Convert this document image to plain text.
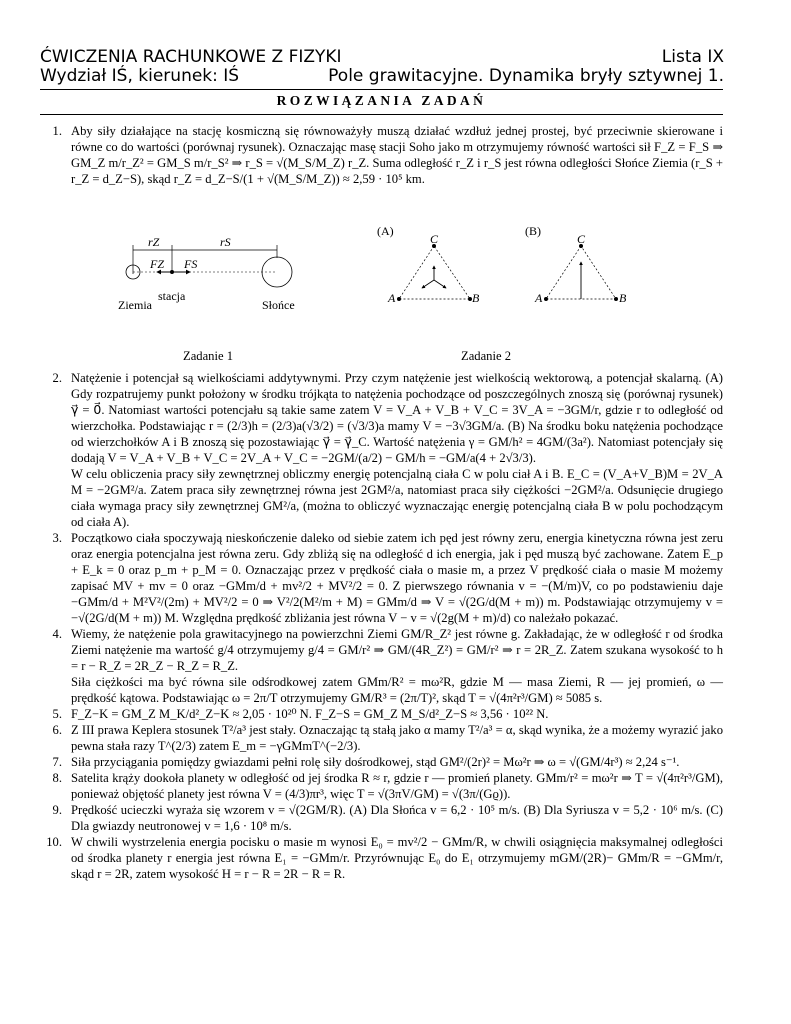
ĆWICZENIA RACHUNKOWE Z FIZYKI	Lista IX
Wydział IŚ, kierunek: IŚ	Pole grawitacyjne. Dynamika bryły sztywnej 1.
ROZWIĄZANIA ZADAŃ
1. Aby siły działające na stację kosmiczną się równoważyły muszą działać wzdłuż jednej prostej, być przeciwnie skierowane i równe co do wartości (porównaj rysunek). Oznaczając masę stacji Soho jako m otrzymujemy równość wartości sił F_Z = F_S ⇒ GM_Z m/r_Z² = GM_S m/r_S² ⇒ r_S = √(M_S/M_Z) r_Z. Suma odległość r_Z i r_S jest równa odległości Słońce Ziemia (r_S + r_Z = d_Z−S), skąd r_Z = d_Z−S/(1 + √(M_S/M_Z)) ≈ 2,59 · 10⁵ km.

rZ	rS
FZ FS
Ziemia
stacja
Słońce
Zadanie 1
(A)
C
A	B
(B)
C
A	B
Zadanie 2
2. Natężenie i potencjał są wielkościami addytywnymi. Przy czym natężenie jest wielkością wektorową, a potencjał skalarną. (A) Gdy rozpatrujemy punkt położony w środku trójkąta to natężenia pochodzące od poszczególnych znoszą się (porównaj rysunek) γ⃗ = 0⃗. Natomiast wartości potencjału są takie same zatem V = V_A + V_B + V_C = 3V_A = −3GM/r, gdzie r to odległość od wierzchołka. Podstawiając r = (2/3)h = (2/3)a(√3/2) = (√3/3)a mamy V = −3√3GM/a. (B) Na środku boku natężenia pochodzące od wierzchołków A i B znoszą się pozostawiając γ⃗ = γ⃗_C. Wartość natężenia γ = GM/h² = 4GM/(3a²). Natomiast potencjały się dodają V = V_A + V_B + V_C = 2V_A + V_C = −2GM/(a/2) − GM/h = −GM/a(4 + 2√3/3).

W celu obliczenia pracy siły zewnętrznej obliczmy energię potencjalną ciała C w polu ciał A i B. E_C = (V_A+V_B)M = 2V_A M = −2GM²/a. Zatem praca siły zewnętrznej równa jest 2GM²/a, natomiast praca siły ciężkości −2GM²/a. Odsunięcie drugiego ciała wymaga pracy siły zewnętrznej GM²/a, (można to obliczyć wyznaczając energię potencjalną ciała B w polu pochodzącym od ciała A).

3. Początkowo ciała spoczywają nieskończenie daleko od siebie zatem ich pęd jest równy zeru, energia kinetyczna równa jest zeru oraz energia potencjalna jest równa zeru. Gdy zbliżą się na odległość d ich energia, jak i pęd muszą być zachowane. Zatem E_p + E_k = 0 oraz p_m + p_M = 0. Oznaczając przez v prędkość ciała o masie m, a przez V prędkość ciała o masie M możemy zapisać MV + mv = 0 oraz −GMm/d + mv²/2 + MV²/2 = 0. Z pierwszego równania v = −(M/m)V, co po podstawieniu daje −GMm/d + M²V²/(2m) + MV²/2 = 0 ⇒ V²/2(M²/m + M) = GMm/d ⇒ V = √(2G/d(M + m)) m. Podstawiając otrzymujemy v = −√(2G/d(M + m)) M. Względna prędkość zbliżania jest równa V − v = √(2g(M + m)/d) co należało pokazać.

4. Wiemy, że natężenie pola grawitacyjnego na powierzchni Ziemi GM/R_Z² jest równe g. Zakładając, że w odległość r od środka Ziemi natężenie ma wartość g/4 otrzymujemy g/4 = GM/r² ⇒ GM/(4R_Z²) = GM/r² ⇒ r = 2R_Z. Zatem szukana wysokość to h = r − R_Z = 2R_Z − R_Z = R_Z.

Siła ciężkości ma być równa sile odśrodkowej zatem GMm/R² = mω²R, gdzie M — masa Ziemi, R — jej promień, ω — prędkość kątowa. Podstawiając ω = 2π/T otrzymujemy GM/R³ = (2π/T)², skąd T = √(4π²r³/GM) ≈ 5085 s.

5. F_Z−K = GM_Z M_K/d²_Z−K ≈ 2,05 · 10²⁰ N. F_Z−S = GM_Z M_S/d²_Z−S ≈ 3,56 · 10²² N.

6. Z III prawa Keplera stosunek T²/a³ jest stały. Oznaczając tą stałą jako α mamy T²/a³ = α, skąd wynika, że a możemy wyrazić jako pewna stała razy T^(2/3) zatem E_m = −γGMmT^(−2/3).

7. Siła przyciągania pomiędzy gwiazdami pełni rolę siły dośrodkowej, stąd GM²/(2r)² = Mω²r ⇒ ω = √(GM/4r³) ≈ 2,24 s⁻¹.

8. Satelita krąży dookoła planety w odległość od jej środka R ≈ r, gdzie r — promień planety. GMm/r² = mω²r ⇒ T = √(4π²r³/GM), ponieważ objętość planety jest równa V = (4/3)πr³, więc T = √(3πV/GM) = √(3π/(Gϱ)).

9. Prędkość ucieczki wyraża się wzorem v = √(2GM/R). (A) Dla Słońca v = 6,2 · 10⁵ m/s. (B) Dla Syriusza v = 5,2 · 10⁶ m/s. (C) Dla gwiazdy neutronowej v = 1,6 · 10⁸ m/s.

10. W chwili wystrzelenia energia pocisku o masie m wynosi E₀ = mv²/2 − GMm/R, w chwili osiągnięcia maksymalnej odległości od środka planety r energia jest równa E₁ = −GMm/r. Przyrównując E₀ do E₁ otrzymujemy mGM/(2R)− GMm/R = −GMm/r, skąd r = 2R, zatem wysokość H = r − R = 2R − R = R.
